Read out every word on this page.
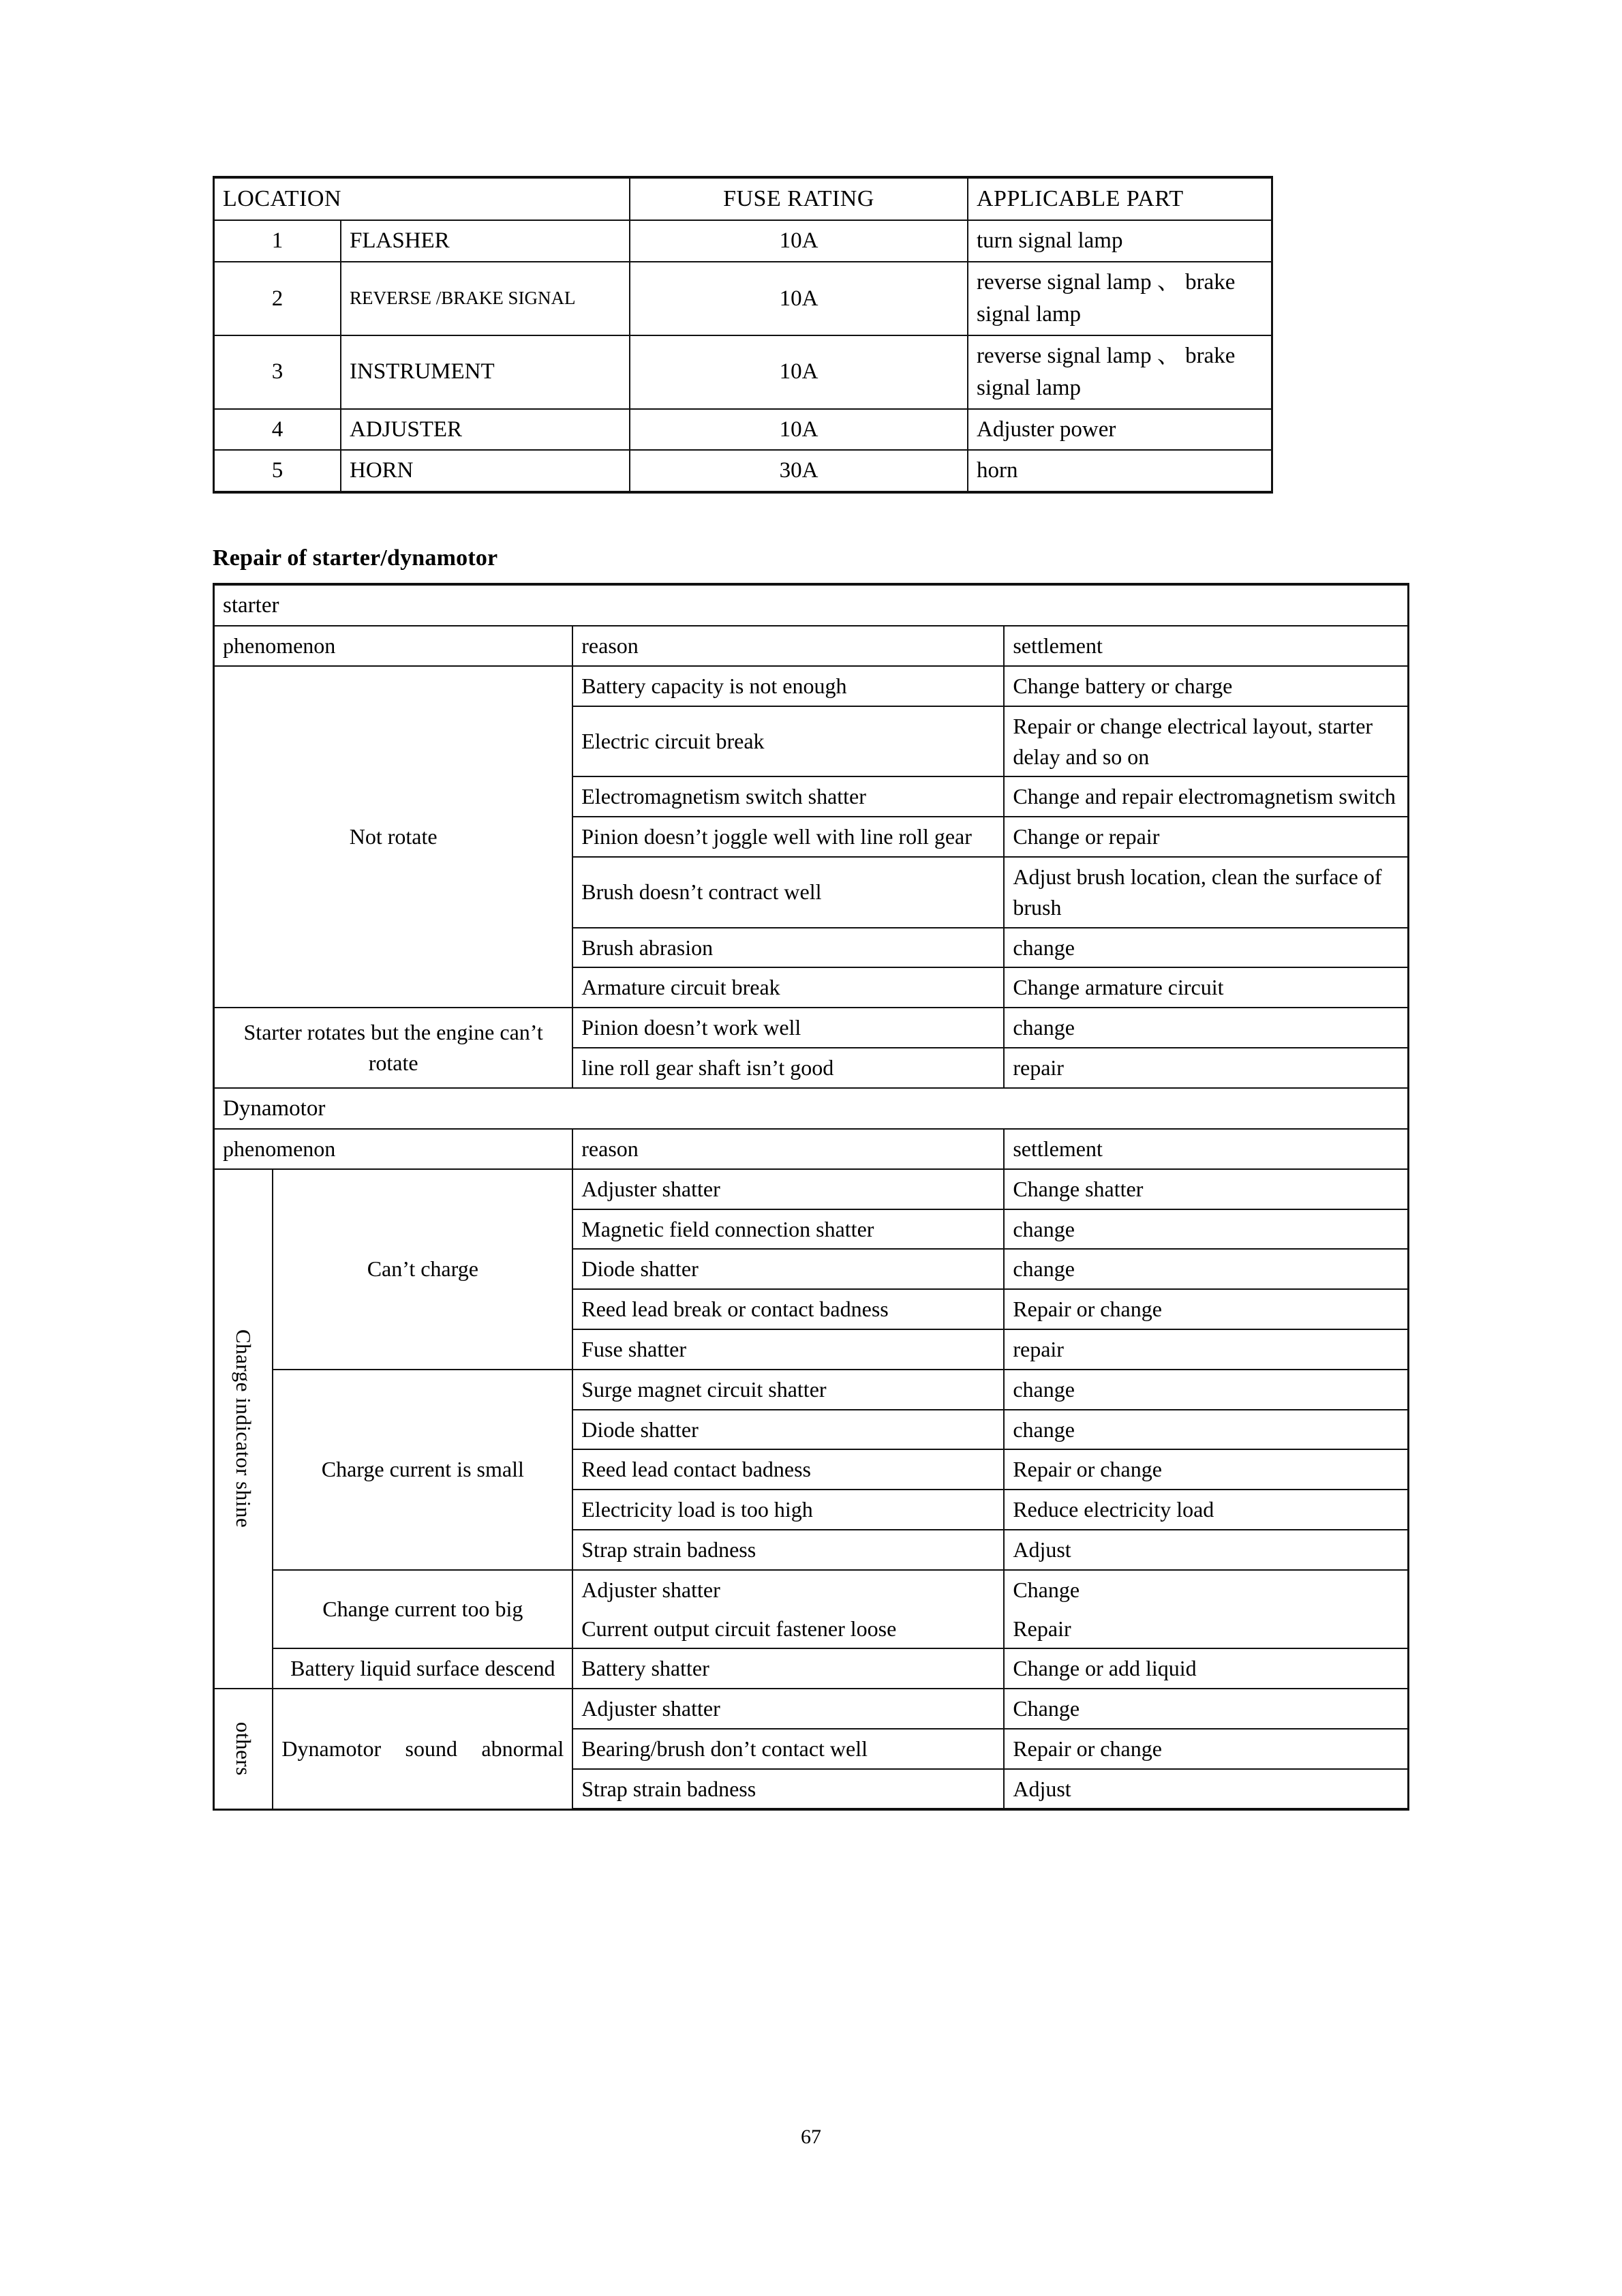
LOCATION		FUSE RATING	APPLICABLE PART
1	FLASHER	10A	turn signal lamp
2	REVERSE /BRAKE SIGNAL	10A	reverse signal lamp 、 brake signal lamp
3	INSTRUMENT	10A	reverse signal lamp 、 brake signal lamp
4	ADJUSTER	10A	Adjuster power
5	HORN	30A	horn
Repair of starter/dynamotor
starter			
phenomenon		reason	settlement
Not rotate		Battery capacity is not enough	Change battery or charge
		Electric circuit break	Repair or change electrical layout, starter delay and so on
		Electromagnetism switch shatter	Change and repair electromagnetism switch
		Pinion doesn’t joggle well with line roll gear	Change or repair
		Brush doesn’t contract well	Adjust brush location, clean the surface of brush
		Brush abrasion	change
		Armature circuit break	Change armature circuit
Starter rotates but the engine can’t rotate		Pinion doesn’t work well	change
		line roll gear shaft isn’t good	repair
Dynamotor			
phenomenon		reason	settlement

Charge indicator shine	Can’t charge	Adjuster shatter	Change shatter
		Magnetic field connection shatter	change
		Diode shatter	change
		Reed lead break or contact badness	Repair or change
		Fuse shatter	repair
	Charge current is small	Surge magnet circuit shatter	change
		Diode shatter	change
		Reed lead contact badness	Repair or change
		Electricity load is too high	Reduce electricity load
		Strap strain badness	Adjust
	Change current too big	Adjuster shatter	Change
		Current output circuit fastener loose	Repair
	Battery liquid surface descend	Battery shatter	Change or add liquid

others	Dynamotor sound abnormal	Adjuster shatter	Change
		Bearing/brush don’t contact well	Repair or change
		Strap strain badness	Adjust
67
